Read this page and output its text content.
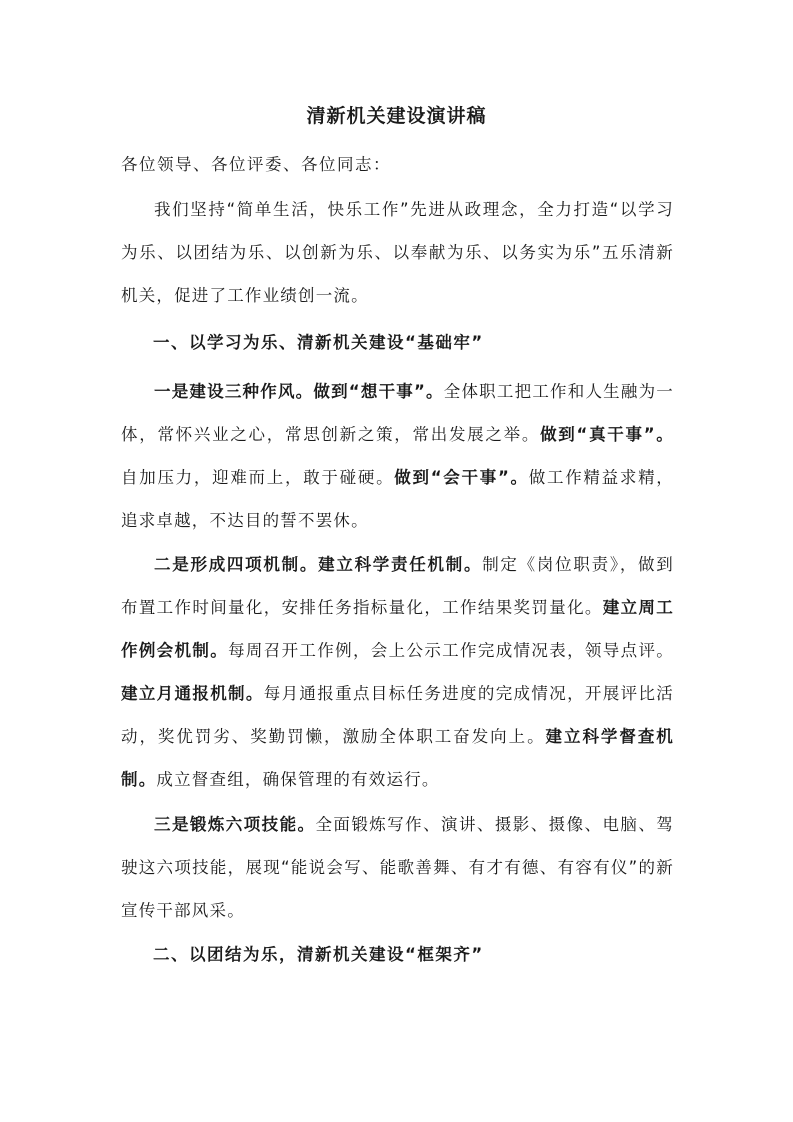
清新机关建设演讲稿
各位领导、各位评委、各位同志：

我们坚持“简单生活，快乐工作”先进从政理念，全力打造“以学习为乐、以团结为乐、以创新为乐、以奉献为乐、以务实为乐”五乐清新机关，促进了工作业绩创一流。

一、以学习为乐、清新机关建设“基础牢”

一是建设三种作风。做到“想干事”。全体职工把工作和人生融为一体，常怀兴业之心，常思创新之策，常出发展之举。做到“真干事”。自加压力，迎难而上，敢于碰硬。做到“会干事”。做工作精益求精，追求卓越，不达目的誓不罢休。

二是形成四项机制。建立科学责任机制。制定《岗位职责》，做到布置工作时间量化，安排任务指标量化，工作结果奖罚量化。建立周工作例会机制。每周召开工作例，会上公示工作完成情况表，领导点评。建立月通报机制。每月通报重点目标任务进度的完成情况，开展评比活动，奖优罚劣、奖勤罚懒，激励全体职工奋发向上。建立科学督查机制。成立督查组，确保管理的有效运行。

三是锻炼六项技能。全面锻炼写作、演讲、摄影、摄像、电脑、驾驶这六项技能，展现“能说会写、能歌善舞、有才有德、有容有仪”的新宣传干部风采。

二、以团结为乐，清新机关建设“框架齐”
